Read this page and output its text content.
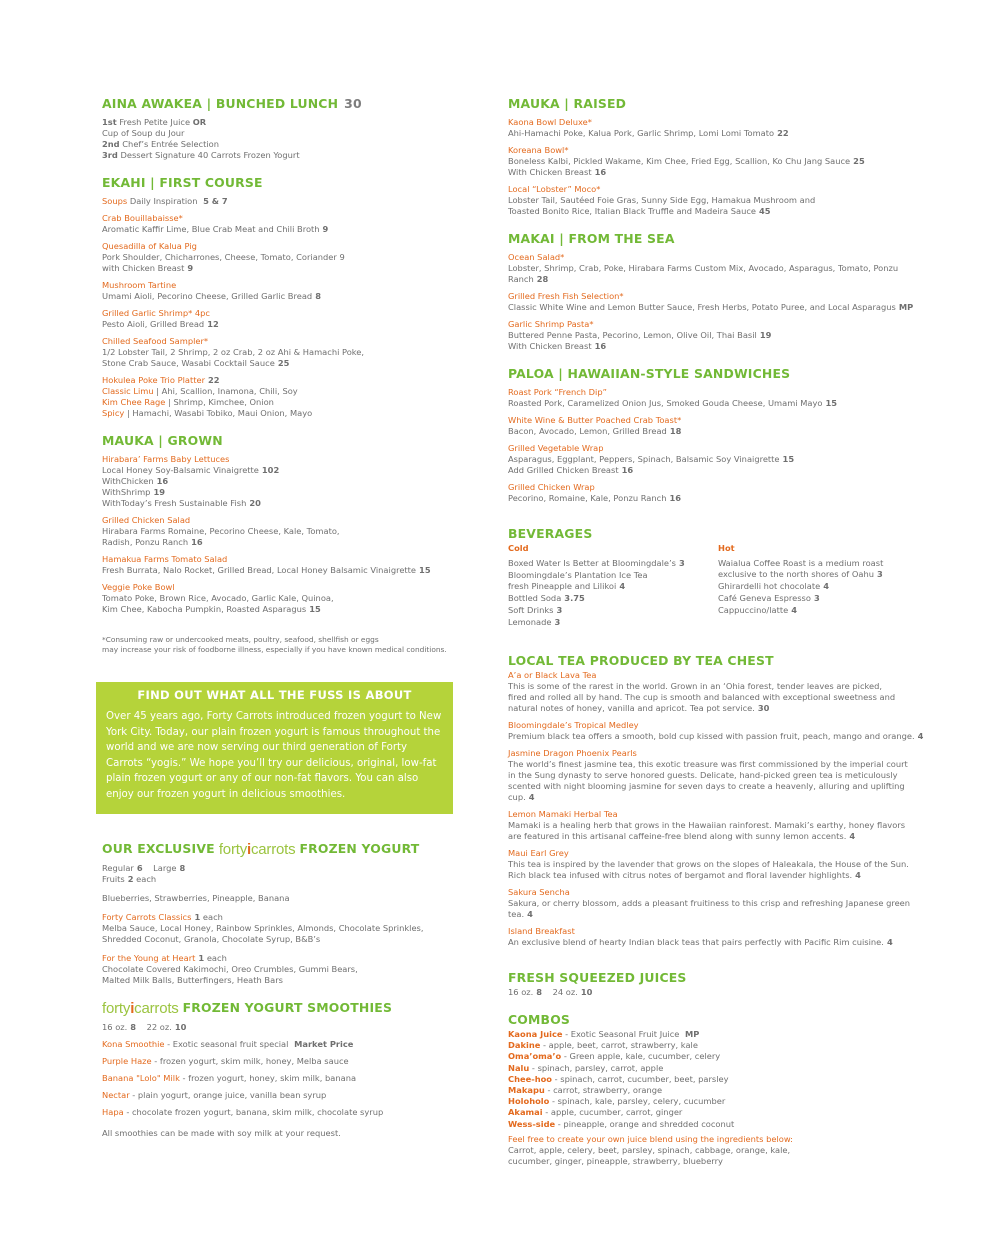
AINA AWAKEA | BUNCHED LUNCH 30
1st Fresh Petite Juice OR
Cup of Soup du Jour
2nd Chef’s Entrée Selection
3rd Dessert Signature 40 Carrots Frozen Yogurt
EKAHI | FIRST COURSE
Soups Daily Inspiration 5 & 7
Crab Bouillabaisse*
Aromatic Kaffir Lime, Blue Crab Meat and Chili Broth 9
Quesadilla of Kalua Pig
Pork Shoulder, Chicharrones, Cheese, Tomato, Coriander 9
with Chicken Breast 9
Mushroom Tartine
Umami Aioli, Pecorino Cheese, Grilled Garlic Bread 8
Grilled Garlic Shrimp* 4pc
Pesto Aioli, Grilled Bread 12
Chilled Seafood Sampler*
1/2 Lobster Tail, 2 Shrimp, 2 oz Crab, 2 oz Ahi & Hamachi Poke,
Stone Crab Sauce, Wasabi Cocktail Sauce 25
Hokulea Poke Trio Platter 22
Classic Limu | Ahi, Scallion, Inamona, Chili, Soy
Kim Chee Rage | Shrimp, Kimchee, Onion
Spicy | Hamachi, Wasabi Tobiko, Maui Onion, Mayo
MAUKA | GROWN
Hirabara’ Farms Baby Lettuces
Local Honey Soy-Balsamic Vinaigrette 102
WithChicken 16
WithShrimp 19
WithToday’s Fresh Sustainable Fish 20
Grilled Chicken Salad
Hirabara Farms Romaine, Pecorino Cheese, Kale, Tomato,
Radish, Ponzu Ranch 16
Hamakua Farms Tomato Salad
Fresh Burrata, Nalo Rocket, Grilled Bread, Local Honey Balsamic Vinaigrette 15
Veggie Poke Bowl
Tomato Poke, Brown Rice, Avocado, Garlic Kale, Quinoa,
Kim Chee, Kabocha Pumpkin, Roasted Asparagus 15
*Consuming raw or undercooked meats, poultry, seafood, shellfish or eggs
may increase your risk of foodborne illness, especially if you have known medical conditions.
FIND OUT WHAT ALL THE FUSS IS ABOUT
Over 45 years ago, Forty Carrots introduced frozen yogurt to New York City. Today, our plain frozen yogurt is famous throughout the world and we are now serving our third generation of Forty Carrots “yogis.” We hope you’ll try our delicious, original, low-fat plain frozen yogurt or any of our non-fat flavors. You can also enjoy our frozen yogurt in delicious smoothies.
OUR EXCLUSIVE fortyicarrots FROZEN YOGURT
Regular 6 Large 8
Fruits 2 each
Blueberries, Strawberries, Pineapple, Banana
Forty Carrots Classics 1 each
Melba Sauce, Local Honey, Rainbow Sprinkles, Almonds, Chocolate Sprinkles,
Shredded Coconut, Granola, Chocolate Syrup, B&B’s
For the Young at Heart 1 each
Chocolate Covered Kakimochi, Oreo Crumbles, Gummi Bears,
Malted Milk Balls, Butterfingers, Heath Bars
fortyicarrots FROZEN YOGURT SMOOTHIES
16 oz. 8 22 oz. 10
Kona Smoothie - Exotic seasonal fruit special Market Price
Purple Haze - frozen yogurt, skim milk, honey, Melba sauce
Banana "Lolo" Milk - frozen yogurt, honey, skim milk, banana
Nectar - plain yogurt, orange juice, vanilla bean syrup
Hapa - chocolate frozen yogurt, banana, skim milk, chocolate syrup
All smoothies can be made with soy milk at your request.
MAUKA | RAISED
Kaona Bowl Deluxe*
Ahi-Hamachi Poke, Kalua Pork, Garlic Shrimp, Lomi Lomi Tomato 22
Koreana Bowl*
Boneless Kalbi, Pickled Wakame, Kim Chee, Fried Egg, Scallion, Ko Chu Jang Sauce 25
With Chicken Breast 16
Local “Lobster” Moco*
Lobster Tail, Sautéed Foie Gras, Sunny Side Egg, Hamakua Mushroom and
Toasted Bonito Rice, Italian Black Truffle and Madeira Sauce 45
MAKAI | FROM THE SEA
Ocean Salad*
Lobster, Shrimp, Crab, Poke, Hirabara Farms Custom Mix, Avocado, Asparagus, Tomato, Ponzu Ranch 28
Grilled Fresh Fish Selection*
Classic White Wine and Lemon Butter Sauce, Fresh Herbs, Potato Puree, and Local Asparagus MP
Garlic Shrimp Pasta*
Buttered Penne Pasta, Pecorino, Lemon, Olive Oil, Thai Basil 19
With Chicken Breast 16
PALOA | HAWAIIAN-STYLE SANDWICHES
Roast Pork “French Dip”
Roasted Pork, Caramelized Onion Jus, Smoked Gouda Cheese, Umami Mayo 15
White Wine & Butter Poached Crab Toast*
Bacon, Avocado, Lemon, Grilled Bread 18
Grilled Vegetable Wrap
Asparagus, Eggplant, Peppers, Spinach, Balsamic Soy Vinaigrette 15
Add Grilled Chicken Breast 16
Grilled Chicken Wrap
Pecorino, Romaine, Kale, Ponzu Ranch 16
BEVERAGES
Cold
Boxed Water Is Better at Bloomingdale’s 3
Bloomingdale’s Plantation Ice Tea
fresh Pineapple and Lilikoi 4
Bottled Soda 3.75
Soft Drinks 3
Lemonade 3
Hot
Waialua Coffee Roast is a medium roast
exclusive to the north shores of Oahu 3
Ghirardelli hot chocolate 4
Café Geneva Espresso 3
Cappuccino/latte 4
LOCAL TEA PRODUCED BY TEA CHEST
A’a or Black Lava Tea
This is some of the rarest in the world. Grown in an ‘Ohia forest, tender leaves are picked,
fired and rolled all by hand. The cup is smooth and balanced with exceptional sweetness and
natural notes of honey, vanilla and apricot. Tea pot service. 30
Bloomingdale’s Tropical Medley
Premium black tea offers a smooth, bold cup kissed with passion fruit, peach, mango and orange. 4
Jasmine Dragon Phoenix Pearls
The world’s finest jasmine tea, this exotic treasure was first commissioned by the imperial court
in the Sung dynasty to serve honored guests. Delicate, hand-picked green tea is meticulously
scented with night blooming jasmine for seven days to create a heavenly, alluring and uplifting cup. 4
Lemon Mamaki Herbal Tea
Mamaki is a healing herb that grows in the Hawaiian rainforest. Mamaki’s earthy, honey flavors
are featured in this artisanal caffeine-free blend along with sunny lemon accents. 4
Maui Earl Grey
This tea is inspired by the lavender that grows on the slopes of Haleakala, the House of the Sun.
Rich black tea infused with citrus notes of bergamot and floral lavender highlights. 4
Sakura Sencha
Sakura, or cherry blossom, adds a pleasant fruitiness to this crisp and refreshing Japanese green tea. 4
Island Breakfast
An exclusive blend of hearty Indian black teas that pairs perfectly with Pacific Rim cuisine. 4
FRESH SQUEEZED JUICES
16 oz. 8 24 oz. 10
COMBOS
Kaona Juice - Exotic Seasonal Fruit Juice MP
Dakine - apple, beet, carrot, strawberry, kale
Oma’oma’o - Green apple, kale, cucumber, celery
Nalu - spinach, parsley, carrot, apple
Chee-hoo - spinach, carrot, cucumber, beet, parsley
Makapu - carrot, strawberry, orange
Holoholo - spinach, kale, parsley, celery, cucumber
Akamai - apple, cucumber, carrot, ginger
Wess-side - pineapple, orange and shredded coconut
Feel free to create your own juice blend using the ingredients below:
Carrot, apple, celery, beet, parsley, spinach, cabbage, orange, kale,
cucumber, ginger, pineapple, strawberry, blueberry
